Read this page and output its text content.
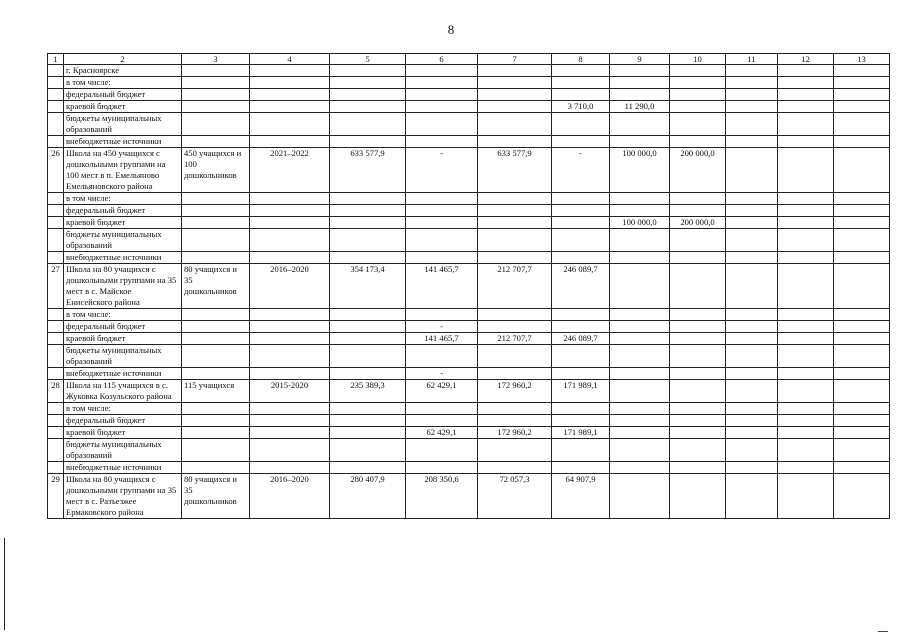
8
1	2	3	4	5	6	7	8	9	10	11	12	13
	г. Красноярске											
	в том числе:											
	федеральный бюджет											
	краевой бюджет						3 710,0	11 290,0				
	бюджеты муниципальных образований											
	внебюджетные источники											
26	Школа на 450 учащихся с дошкольными группами на 100 мест в п. Емельяново Емельяновского района	450 учащихся и 100 дошкольников	2021–2022	633 577,9	-	633 577,9	-	100 000,0	200 000,0			
	в том числе:											
	федеральный бюджет											
	краевой бюджет							100 000,0	200 000,0			
	бюджеты муниципальных образований											
	внебюджетные источники											
27	Школа на 80 учащихся с дошкольными группами на 35 мест в с. Майское Енисейского района	80 учащихся и 35 дошкольников	2016–2020	354 173,4	141 465,7	212 707,7	246 089,7					
	в том числе:											
	федеральный бюджет				-							
	краевой бюджет				141 465,7	212 707,7	246 089,7					
	бюджеты муниципальных образований											
	внебюджетные источники				-							
28	Школа на 115 учащихся в с. Жуковка Козульского района	115 учащихся	2015-2020	235 389,3	62 429,1	172 960,2	171 989,1					
	в том числе:											
	федеральный бюджет											
	краевой бюджет				62 429,1	172 960,2	171 989,1					
	бюджеты муниципальных образований											
	внебюджетные источники											
29	Школа на 80 учащихся с дошкольными группами на 35 мест в с. Разъезжее Ермаковского района	80 учащихся и 35 дошкольников	2016–2020	280 407,9	208 350,6	72 057,3	64 907,9					
